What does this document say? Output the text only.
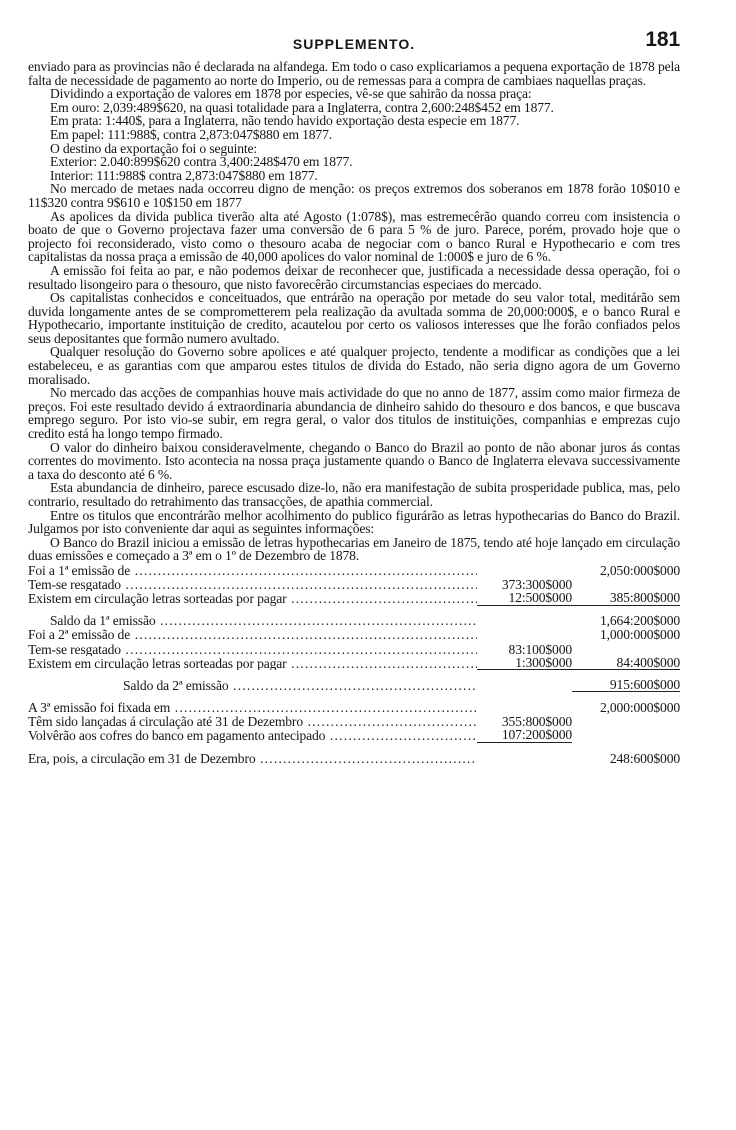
SUPPLEMENTO.	181

enviado para as provincias não é declarada na alfandega. Em todo o caso explicariamos a pequena exportação de 1878 pela falta de necessidade de pagamento ao norte do Imperio, ou de remessas para a compra de cambiaes naquellas praças.

Dividindo a exportação de valores em 1878 por especies, vê-se que sahirão da nossa praça:

Em ouro: 2,039:489$620, na quasi totalidade para a Inglaterra, contra 2,600:248$452 em 1877.

Em prata: 1:440$, para a Inglaterra, não tendo havido exportação desta especie em 1877.

Em papel: 111:988$, contra 2,873:047$880 em 1877.

O destino da exportação foi o seguinte:

Exterior: 2.040:899$620 contra 3,400:248$470 em 1877.

Interior: 111:988$ contra 2,873:047$880 em 1877.

No mercado de metaes nada occorreu digno de menção: os preços extremos dos soberanos em 1878 forão 10$010 e 11$320 contra 9$610 e 10$150 em 1877

As apolices da divida publica tiverão alta até Agosto (1:078$), mas estremecêrão quando correu com insistencia o boato de que o Governo projectava fazer uma conversão de 6 para 5 % de juro. Parece, porém, provado hoje que o projecto foi reconsiderado, visto como o thesouro acaba de negociar com o banco Rural e Hypothecario e com tres capitalistas da nossa praça a emissão de 40,000 apolices do valor nominal de 1:000$ e juro de 6 %.

A emissão foi feita ao par, e não podemos deixar de reconhecer que, justificada a necessidade dessa operação, foi o resultado lisongeiro para o thesouro, que nisto favorecêrão circumstancias especiaes do mercado.

Os capitalistas conhecidos e conceituados, que entrárão na operação por metade do seu valor total, meditárão sem duvida longamente antes de se comprometterem pela realização da avultada somma de 20,000:000$, e o banco Rural e Hypothecario, importante instituição de credito, acautelou por certo os valiosos interesses que lhe forão confiados pelos seus depositantes que formão numero avultado.

Qualquer resolução do Governo sobre apolices e até qualquer projecto, tendente a modificar as condições que a lei estabeleceu, e as garantias com que amparou estes titulos de divida do Estado, não seria digno agora de um Governo moralisado.

No mercado das acções de companhias houve mais actividade do que no anno de 1877, assim como maior firmeza de preços. Foi este resultado devido á extraordinaria abundancia de dinheiro sahido do thesouro e dos bancos, e que buscava emprego seguro. Por isto vio-se subir, em regra geral, o valor dos titulos de instituições, companhias e emprezas cujo credito está ha longo tempo firmado.

O valor do dinheiro baixou consideravelmente, chegando o Banco do Brazil ao ponto de não abonar juros ás contas correntes do movimento. Isto acontecia na nossa praça justamente quando o Banco de Inglaterra elevava successivamente a taxa do desconto até 6 %.

Esta abundancia de dinheiro, parece escusado dize-lo, não era manifestação de subita prosperidade publica, mas, pelo contrario, resultado do retrahimento das transacções, de apathia commercial.

Entre os titulos que encontrárão melhor acolhimento do publico figurárão as letras hypothecarias do Banco do Brazil. Julgamos por isto conveniente dar aqui as seguintes informações:

O Banco do Brazil iniciou a emissão de letras hypothecarias em Janeiro de 1875, tendo até hoje lançado em circulação duas emissões e começado a 3ª em o 1º de Dezembro de 1878.

Foi a 1ª emissão de .....	2,050:000$000
Tem-se resgatado .....	373:300$000
Existem em circulação letras sorteadas por pagar .....	12:500$000	385:800$000
Saldo da 1ª emissão .....	1,664:200$000
Foi a 2ª emissão de .....	1,000:000$000
Tem-se resgatado .....	83:100$000
Existem em circulação letras sorteadas por pagar .....	1:300$000	84:400$000
Saldo da 2ª emissão .....	915:600$000
A 3ª emissão foi fixada em .....	2,000:000$000
Têm sido lançadas á circulação até 31 de Dezembro .....	355:800$000
Volvêrão aos cofres do banco em pagamento antecipado .....	107:200$000
Era, pois, a circulação em 31 de Dezembro .....	248:600$000
